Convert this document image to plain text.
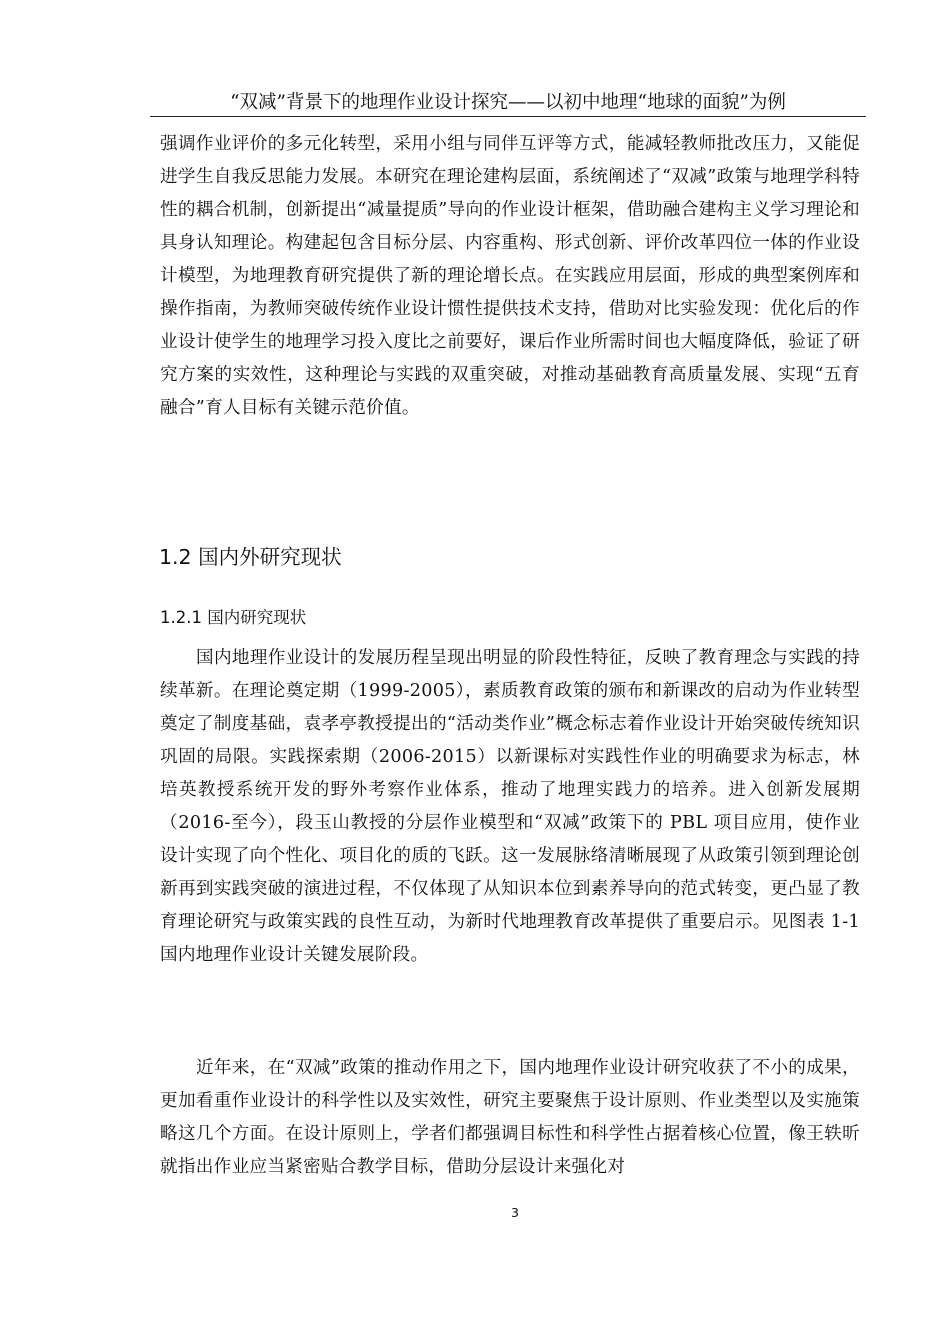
“双减”背景下的地理作业设计探究——以初中地理“地球的面貌”为例

强调作业评价的多元化转型，采用小组与同伴互评等方式，能减轻教师批改压力，又能促进学生自我反思能力发展。本研究在理论建构层面，系统阐述了“双减”政策与地理学科特性的耦合机制，创新提出“减量提质”导向的作业设计框架，借助融合建构主义学习理论和具身认知理论。构建起包含目标分层、内容重构、形式创新、评价改革四位一体的作业设计模型，为地理教育研究提供了新的理论增长点。在实践应用层面，形成的典型案例库和操作指南，为教师突破传统作业设计惯性提供技术支持，借助对比实验发现：优化后的作业设计使学生的地理学习投入度比之前要好，课后作业所需时间也大幅度降低，验证了研究方案的实效性，这种理论与实践的双重突破，对推动基础教育高质量发展、实现“五育融合”育人目标有关键示范价值。

1.2 国内外研究现状
1.2.1 国内研究现状

国内地理作业设计的发展历程呈现出明显的阶段性特征，反映了教育理念与实践的持续革新。在理论奠定期（1999-2005），素质教育政策的颁布和新课改的启动为作业转型奠定了制度基础，袁孝亭教授提出的“活动类作业”概念标志着作业设计开始突破传统知识巩固的局限。实践探索期（2006-2015）以新课标对实践性作业的明确要求为标志，林培英教授系统开发的野外考察作业体系，推动了地理实践力的培养。进入创新发展期（2016-至今），段玉山教授的分层作业模型和“双减”政策下的 PBL 项目应用，使作业设计实现了向个性化、项目化的质的飞跃。这一发展脉络清晰展现了从政策引领到理论创新再到实践突破的演进过程，不仅体现了从知识本位到素养导向的范式转变，更凸显了教育理论研究与政策实践的良性互动，为新时代地理教育改革提供了重要启示。见图表 1-1 国内地理作业设计关键发展阶段。

近年来，在“双减”政策的推动作用之下，国内地理作业设计研究收获了不小的成果，更加看重作业设计的科学性以及实效性，研究主要聚焦于设计原则、作业类型以及实施策略这几个方面。在设计原则上，学者们都强调目标性和科学性占据着核心位置，像王轶昕就指出作业应当紧密贴合教学目标，借助分层设计来强化对

3
